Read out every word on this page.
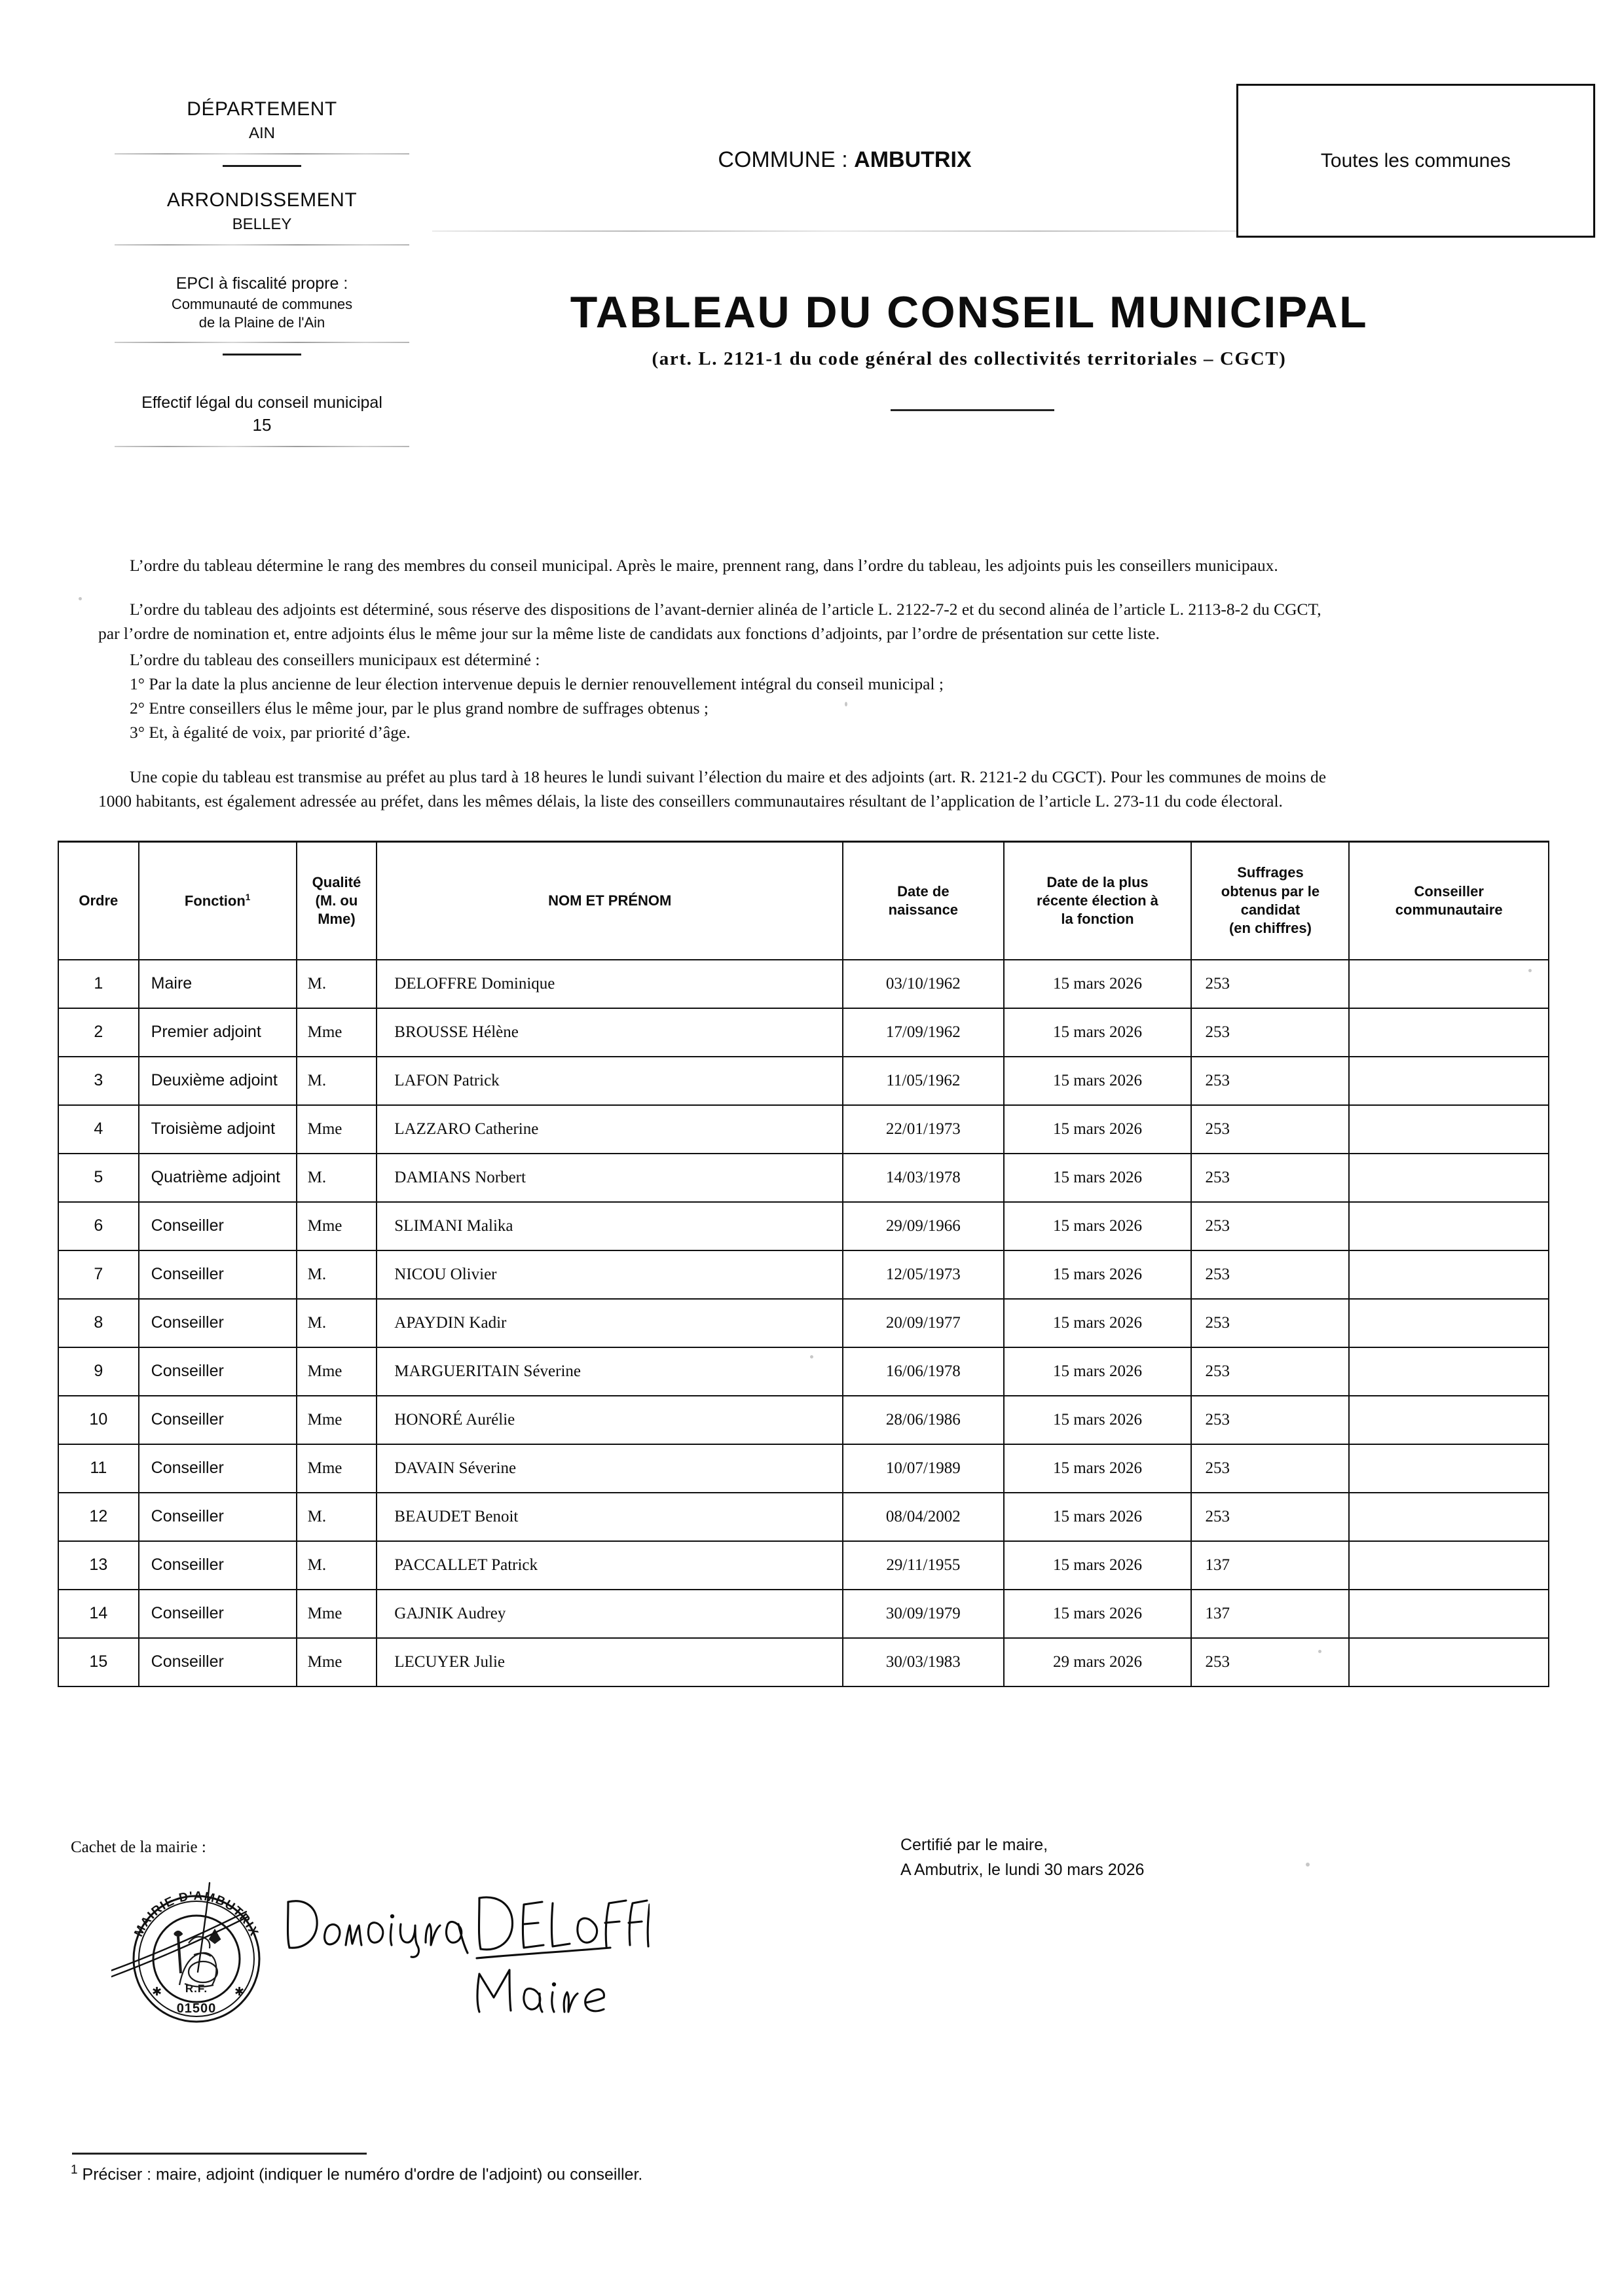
DÉPARTEMENT
AIN
ARRONDISSEMENT
BELLEY
EPCI à fiscalité propre :
Communauté de communes
de la Plaine de l'Ain
Effectif légal du conseil municipal
15
COMMUNE : AMBUTRIX	Toutes les communes
TABLEAU DU CONSEIL MUNICIPAL
(art. L. 2121-1 du code général des collectivités territoriales – CGCT)

L’ordre du tableau détermine le rang des membres du conseil municipal. Après le maire, prennent rang, dans l’ordre du tableau, les adjoints puis les conseillers municipaux.

L’ordre du tableau des adjoints est déterminé, sous réserve des dispositions de l’avant-dernier alinéa de l’article L. 2122-7-2 et du second alinéa de l’article L. 2113-8-2 du CGCT,

par l’ordre de nomination et, entre adjoints élus le même jour sur la même liste de candidats aux fonctions d’adjoints, par l’ordre de présentation sur cette liste.

L’ordre du tableau des conseillers municipaux est déterminé :

1° Par la date la plus ancienne de leur élection intervenue depuis le dernier renouvellement intégral du conseil municipal ;

2° Entre conseillers élus le même jour, par le plus grand nombre de suffrages obtenus ;

3° Et, à égalité de voix, par priorité d’âge.

Une copie du tableau est transmise au préfet au plus tard à 18 heures le lundi suivant l’élection du maire et des adjoints (art. R. 2121-2 du CGCT). Pour les communes de moins de

1000 habitants, est également adressée au préfet, dans les mêmes délais, la liste des conseillers communautaires résultant de l’application de l’article L. 273-11 du code électoral.

Ordre	Fonction$^1$	Qualité
(M. ou
Mme)	NOM ET PRÉNOM	Date de
naissance	Date de la plus
récente élection à
la fonction	Suffrages
obtenus par le
candidat
(en chiffres)	Conseiller
communautaire
1	Maire	M.	DELOFFRE Dominique	03/10/1962	15 mars 2026	253	
2	Premier adjoint	Mme	BROUSSE Hélène	17/09/1962	15 mars 2026	253	
3	Deuxième adjoint	M.	LAFON Patrick	11/05/1962	15 mars 2026	253	
4	Troisième adjoint	Mme	LAZZARO Catherine	22/01/1973	15 mars 2026	253	
5	Quatrième adjoint	M.	DAMIANS Norbert	14/03/1978	15 mars 2026	253	
6	Conseiller	Mme	SLIMANI Malika	29/09/1966	15 mars 2026	253	
7	Conseiller	M.	NICOU Olivier	12/05/1973	15 mars 2026	253	
8	Conseiller	M.	APAYDIN Kadir	20/09/1977	15 mars 2026	253	
9	Conseiller	Mme	MARGUERITAIN Séverine	16/06/1978	15 mars 2026	253	
10	Conseiller	Mme	HONORÉ Aurélie	28/06/1986	15 mars 2026	253	
11	Conseiller	Mme	DAVAIN Séverine	10/07/1989	15 mars 2026	253	
12	Conseiller	M.	BEAUDET Benoit	08/04/2002	15 mars 2026	253	
13	Conseiller	M.	PACCALLET Patrick	29/11/1955	15 mars 2026	137	
14	Conseiller	Mme	GAJNIK Audrey	30/09/1979	15 mars 2026	137	
15	Conseiller	Mme	LECUYER Julie	30/03/1983	29 mars 2026	253	
Cachet de la mairie :	Certifié par le maire,
A Ambutrix, le lundi 30 mars 2026
MAIRIE D'AMBUTRIX
R.F.
01500
✱	✱
$^1$ Préciser : maire, adjoint (indiquer le numéro d'ordre de l'adjoint) ou conseiller.
